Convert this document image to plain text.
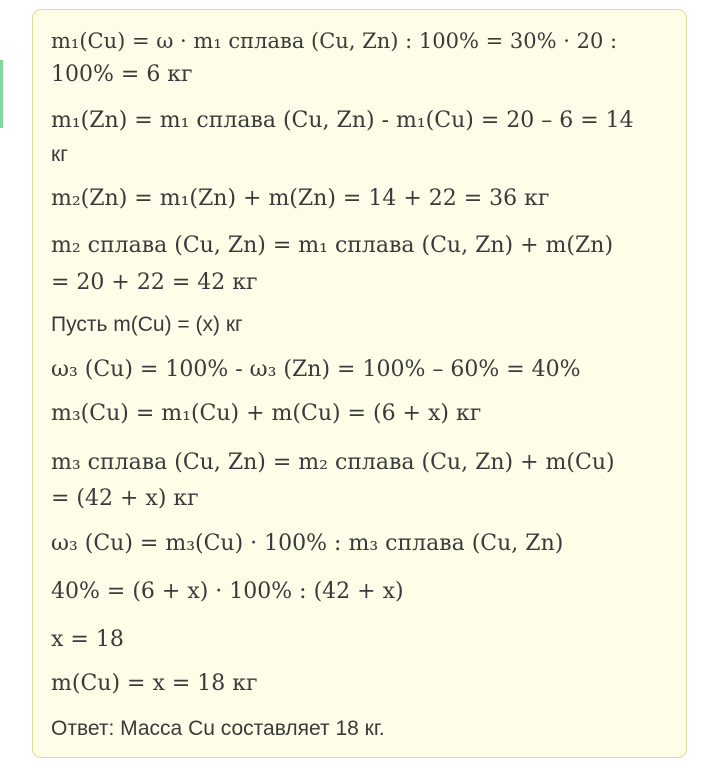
m₁(Cu) = ω · m₁ сплава (Cu, Zn) : 100% = 30% · 20 :

100% = 6 кг

m₁(Zn) = m₁ сплава (Cu, Zn) - m₁(Cu) = 20 – 6 = 14

кг

m₂(Zn) = m₁(Zn) + m(Zn) = 14 + 22 = 36 кг

m₂ сплава (Cu, Zn) = m₁ сплава (Cu, Zn) + m(Zn)

= 20 + 22 = 42 кг

Пусть m(Cu) = (x) кг

ω₃ (Cu) = 100% - ω₃ (Zn) = 100% – 60% = 40%

m₃(Cu) = m₁(Cu) + m(Cu) = (6 + x) кг

m₃ сплава (Cu, Zn) = m₂ сплава (Cu, Zn) + m(Cu)

= (42 + x) кг

ω₃ (Cu) = m₃(Cu) · 100% : m₃ сплава (Cu, Zn)

40% = (6 + x) · 100% : (42 + x)

x = 18

m(Cu) = x = 18 кг

Ответ: Масса Cu составляет 18 кг.
